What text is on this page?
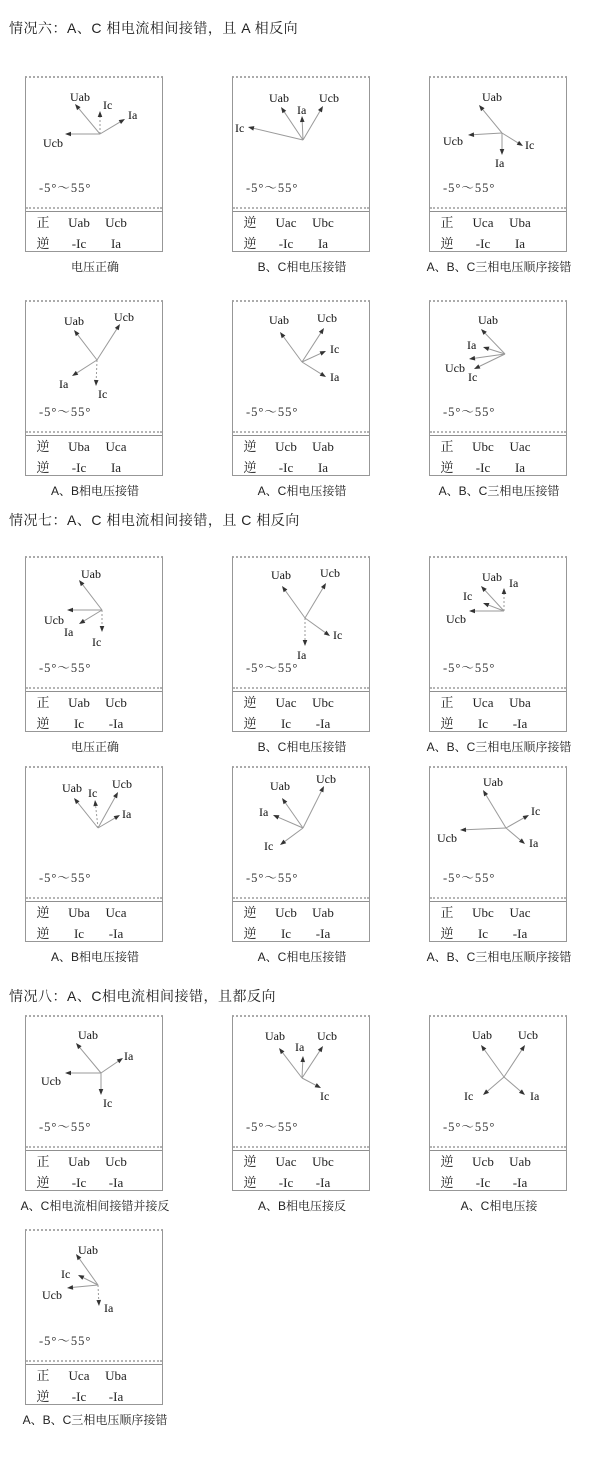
情况六：A、C 相电流相间接错，且 A 相反向
Uab
Ic
Ia
Ucb
-5°～55°
正	Uab	Ucb
逆	-Ic	Ia
电压正确
Uab
Ia
Ucb
Ic
-5°～55°
逆	Uac	Ubc
逆	-Ic	Ia
B、C相电压接错
Uab
Ucb	Ic
Ia
-5°～55°
正	Uca	Uba
逆	-Ic	Ia
A、B、C三相电压顺序接错
Uab	Ucb
Ia
Ic
-5°～55°
逆	Uba	Uca
逆	-Ic	Ia
A、B相电压接错
Uab Ucb
Ic
Ia
-5°～55°
逆	Ucb	Uab
逆	-Ic	Ia
A、C相电压接错
Uab
Ia
Ucb
Ic
-5°～55°
正	Ubc	Uac
逆	-Ic	Ia
A、B、C三相电压接错
情况七：A、C 相电流相间接错，且 C 相反向
Uab
Ucb
Ia
Ic
-5°～55°
正	Uab	Ucb
逆	Ic	-Ia
电压正确
Uab Ucb
Ic
Ia
-5°～55°
逆	Uac	Ubc
逆	Ic	-Ia
B、C相电压接错
Uab Ia
Ic
Ucb
-5°～55°
正	Uca	Uba
逆	Ic	-Ia
A、B、C三相电压顺序接错
Uab Ic
Ucb
Ia
-5°～55°
逆	Uba	Uca
逆	Ic	-Ia
A、B相电压接错
Uab Ucb
Ia
Ic
-5°～55°
逆	Ucb	Uab
逆	Ic	-Ia
A、C相电压接错
Uab
Ic
Ucb	Ia
-5°～55°
正	Ubc	Uac
逆	Ic	-Ia
A、B、C三相电压顺序接错
情况八：A、C相电流相间接错，且都反向
Uab
Ia
Ucb
Ic
-5°～55°
正	Uab	Ucb
逆	-Ic	-Ia
A、C相电流相间接错并接反
Uab
Ia
Ucb
Ic
-5°～55°
逆	Uac	Ubc
逆	-Ic	-Ia
A、B相电压接反
Uab Ucb
Ic	Ia
-5°～55°
逆	Ucb	Uab
逆	-Ic	-Ia
A、C相电压接
Uab
Ic
Ucb
Ia
-5°～55°
正	Uca	Uba
逆	-Ic	-Ia
A、B、C三相电压顺序接错
